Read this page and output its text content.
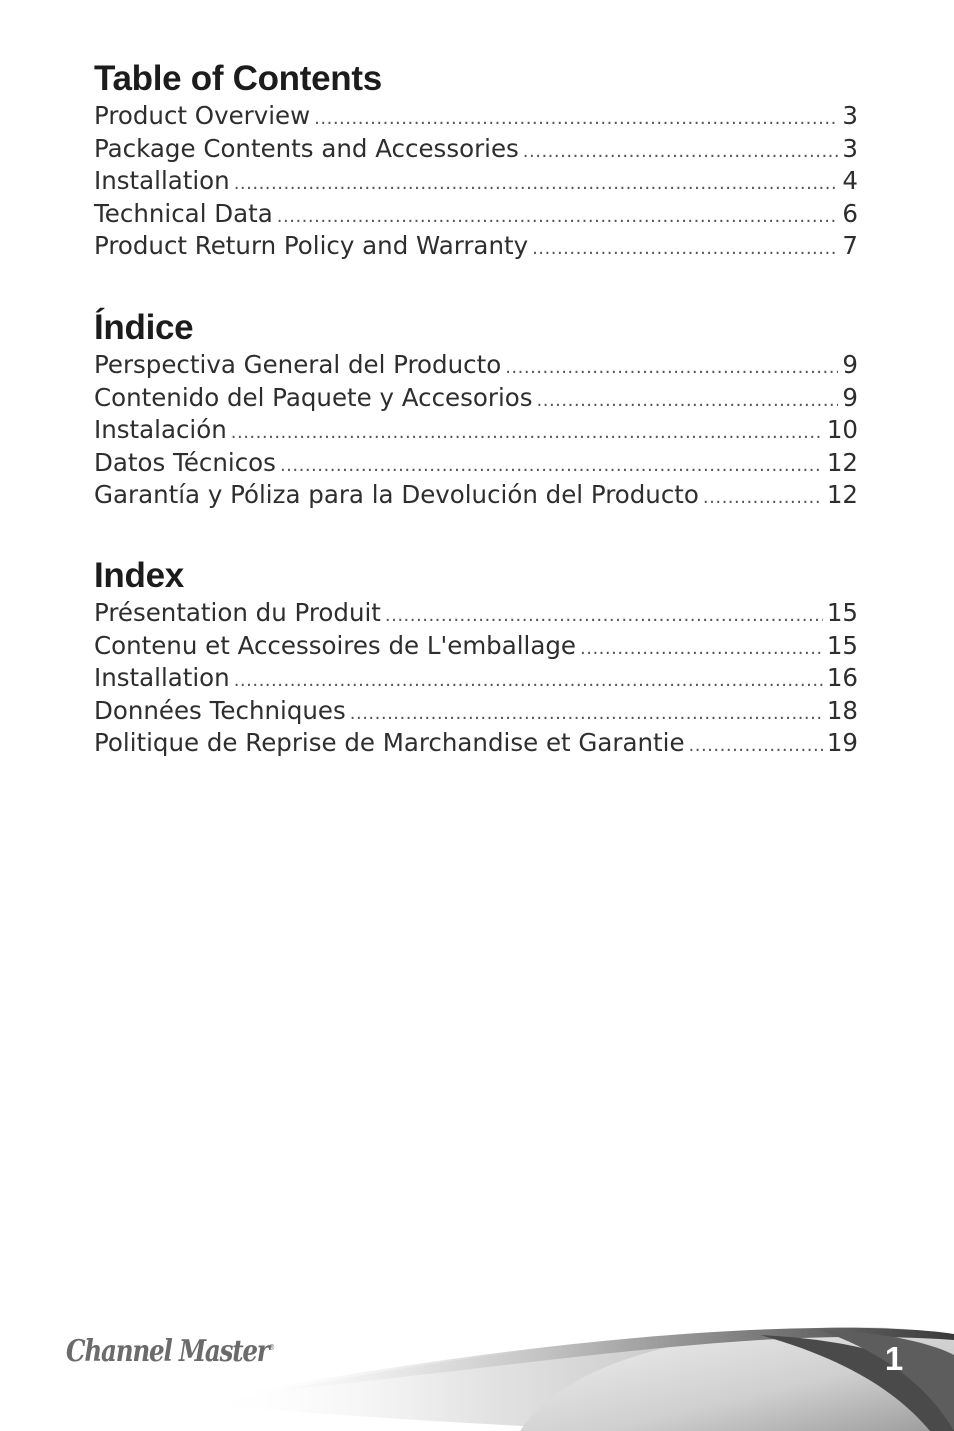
Table of Contents
Product Overview .....	3
Package Contents and Accessories .....	3
Installation .....	4
Technical Data .....	6
Product Return Policy and Warranty .....	7
Índice
Perspectiva General del Producto .....	9
Contenido del Paquete y Accesorios .....	9
Instalación .....	10
Datos Técnicos .....	12
Garantía y Póliza para la Devolución del Producto .....	12
Index
Présentation du Produit .....	15
Contenu et Accessoires de L'emballage .....	15
Installation .....	16
Données Techniques .....	18
Politique de Reprise de Marchandise et Garantie .....	19
Channel Master®	1
